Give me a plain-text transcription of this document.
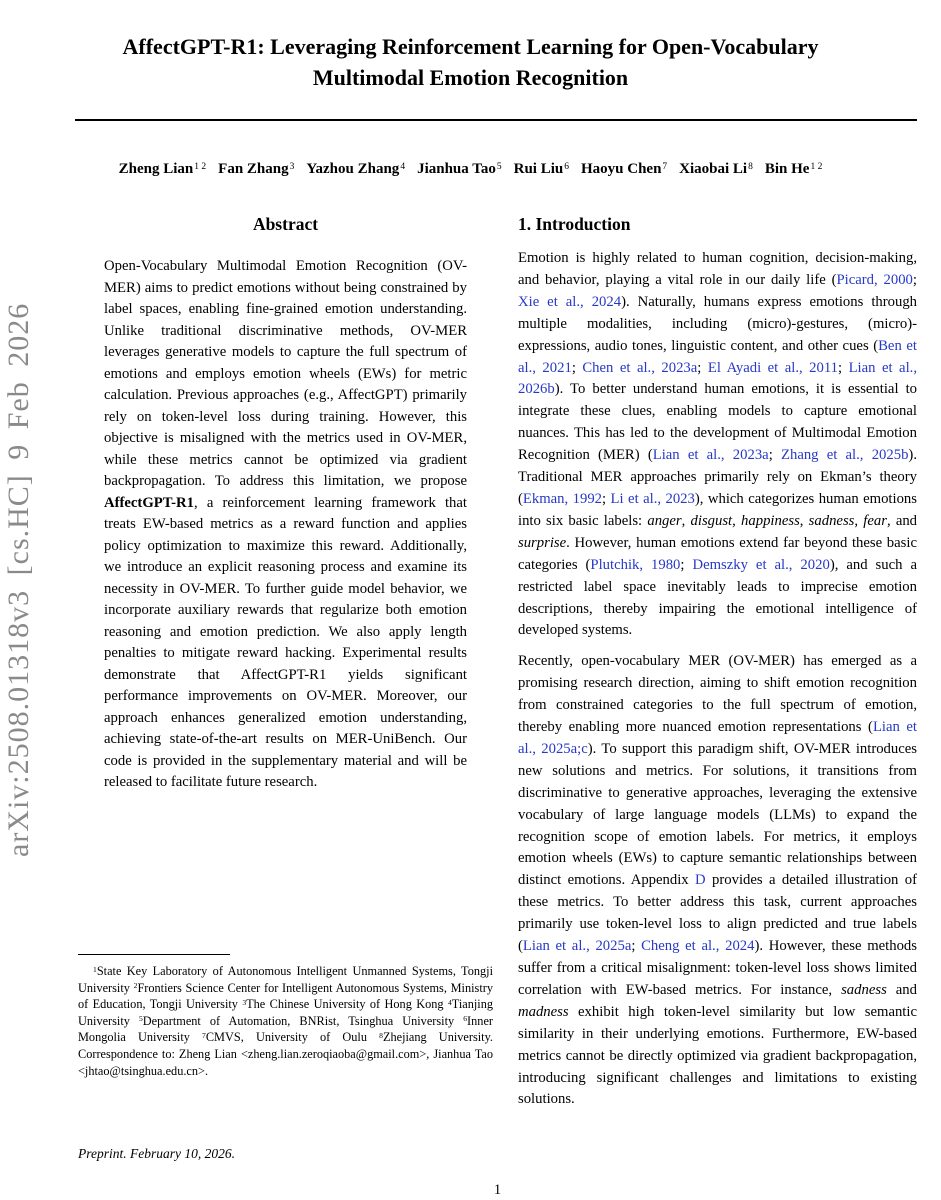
arXiv:2508.01318v3 [cs.HC] 9 Feb 2026
AffectGPT-R1: Leveraging Reinforcement Learning for Open-Vocabulary
Multimodal Emotion Recognition
Zheng Lian$^{1 2}$ Fan Zhang$^3$ Yazhou Zhang$^4$ Jianhua Tao$^5$ Rui Liu$^6$ Haoyu Chen$^7$ Xiaobai Li$^8$ Bin $He^{1 2}$
Abstract
Open-Vocabulary Multimodal Emotion Recognition (OV-MER) aims to predict emotions without being constrained by label spaces, enabling fine-grained emotion understanding. Unlike traditional discriminative methods, OV-MER leverages generative models to capture the full spectrum of emotions and employs emotion wheels (EWs) for metric calculation. Previous approaches (e.g., AffectGPT) primarily rely on token-level loss during training. However, this objective is misaligned with the metrics used in OV-MER, while these metrics cannot be optimized via gradient backpropagation. To address this limitation, we propose AffectGPT-R1, a reinforcement learning framework that treats EW-based metrics as a reward function and applies policy optimization to maximize this reward. Additionally, we introduce an explicit reasoning process and examine its necessity in OV-MER. To further guide model behavior, we incorporate auxiliary rewards that regularize both emotion reasoning and emotion prediction. We also apply length penalties to mitigate reward hacking. Experimental results demonstrate that AffectGPT-R1 yields significant performance improvements on OV-MER. Moreover, our approach enhances generalized emotion understanding, achieving state-of-the-art results on MER-UniBench. Our code is provided in the supplementary material and will be released to facilitate future research.
1. Introduction

Emotion is highly related to human cognition, decision-making, and behavior, playing a vital role in our daily life (Picard, 2000; Xie et al., 2024). Naturally, humans express emotions through multiple modalities, including (micro)-gestures, (micro)-expressions, audio tones, linguistic content, and other cues (Ben et al., 2021; Chen et al., 2023a; El Ayadi et al., 2011; Lian et al., 2026b). To better understand human emotions, it is essential to integrate these clues, enabling models to capture emotional nuances. This has led to the development of Multimodal Emotion Recognition (MER) (Lian et al., 2023a; Zhang et al., 2025b). Traditional MER approaches primarily rely on Ekman’s theory (Ekman, 1992; Li et al., 2023), which categorizes human emotions into six basic labels: anger, disgust, happiness, sadness, fear, and surprise. However, human emotions extend far beyond these basic categories (Plutchik, 1980; Demszky et al., 2020), and such a restricted label space inevitably leads to imprecise emotion descriptions, thereby impairing the emotional intelligence of developed systems.

Recently, open-vocabulary MER (OV-MER) has emerged as a promising research direction, aiming to shift emotion recognition from constrained categories to the full spectrum of emotion, thereby enabling more nuanced emotion representations (Lian et al., 2025a;c). To support this paradigm shift, OV-MER introduces new solutions and metrics. For solutions, it transitions from discriminative to generative approaches, leveraging the extensive vocabulary of large language models (LLMs) to expand the recognition scope of emotion labels. For metrics, it employs emotion wheels (EWs) to capture semantic relationships between distinct emotions. Appendix D provides a detailed illustration of these metrics. To better address this task, current approaches primarily use token-level loss to align predicted and true labels (Lian et al., 2025a; Cheng et al., 2024). However, these methods suffer from a critical misalignment: token-level loss shows limited correlation with EW-based metrics. For instance, sadness and madness exhibit high token-level similarity but low semantic similarity in their underlying emotions. Furthermore, EW-based metrics cannot be directly optimized via gradient backpropagation, introducing significant challenges and limitations to existing solutions.

$^1$State Key Laboratory of Autonomous Intelligent Unmanned Systems, Tongji University $^2$Frontiers Science Center for Intelligent Autonomous Systems, Ministry of Education, Tongji University $^3$The Chinese University of Hong Kong $^4$Tianjing University $^5$Department of Automation, BNRist, Tsinghua University $^6$Inner Mongolia University $^7$CMVS, University of Oulu $^8$Zhejiang University. Correspondence to: Zheng Lian <zheng.lian.zeroqiaoba@gmail.com>, Jianhua Tao <jhtao@tsinghua.edu.cn>.
Preprint. February 10, 2026.
1
